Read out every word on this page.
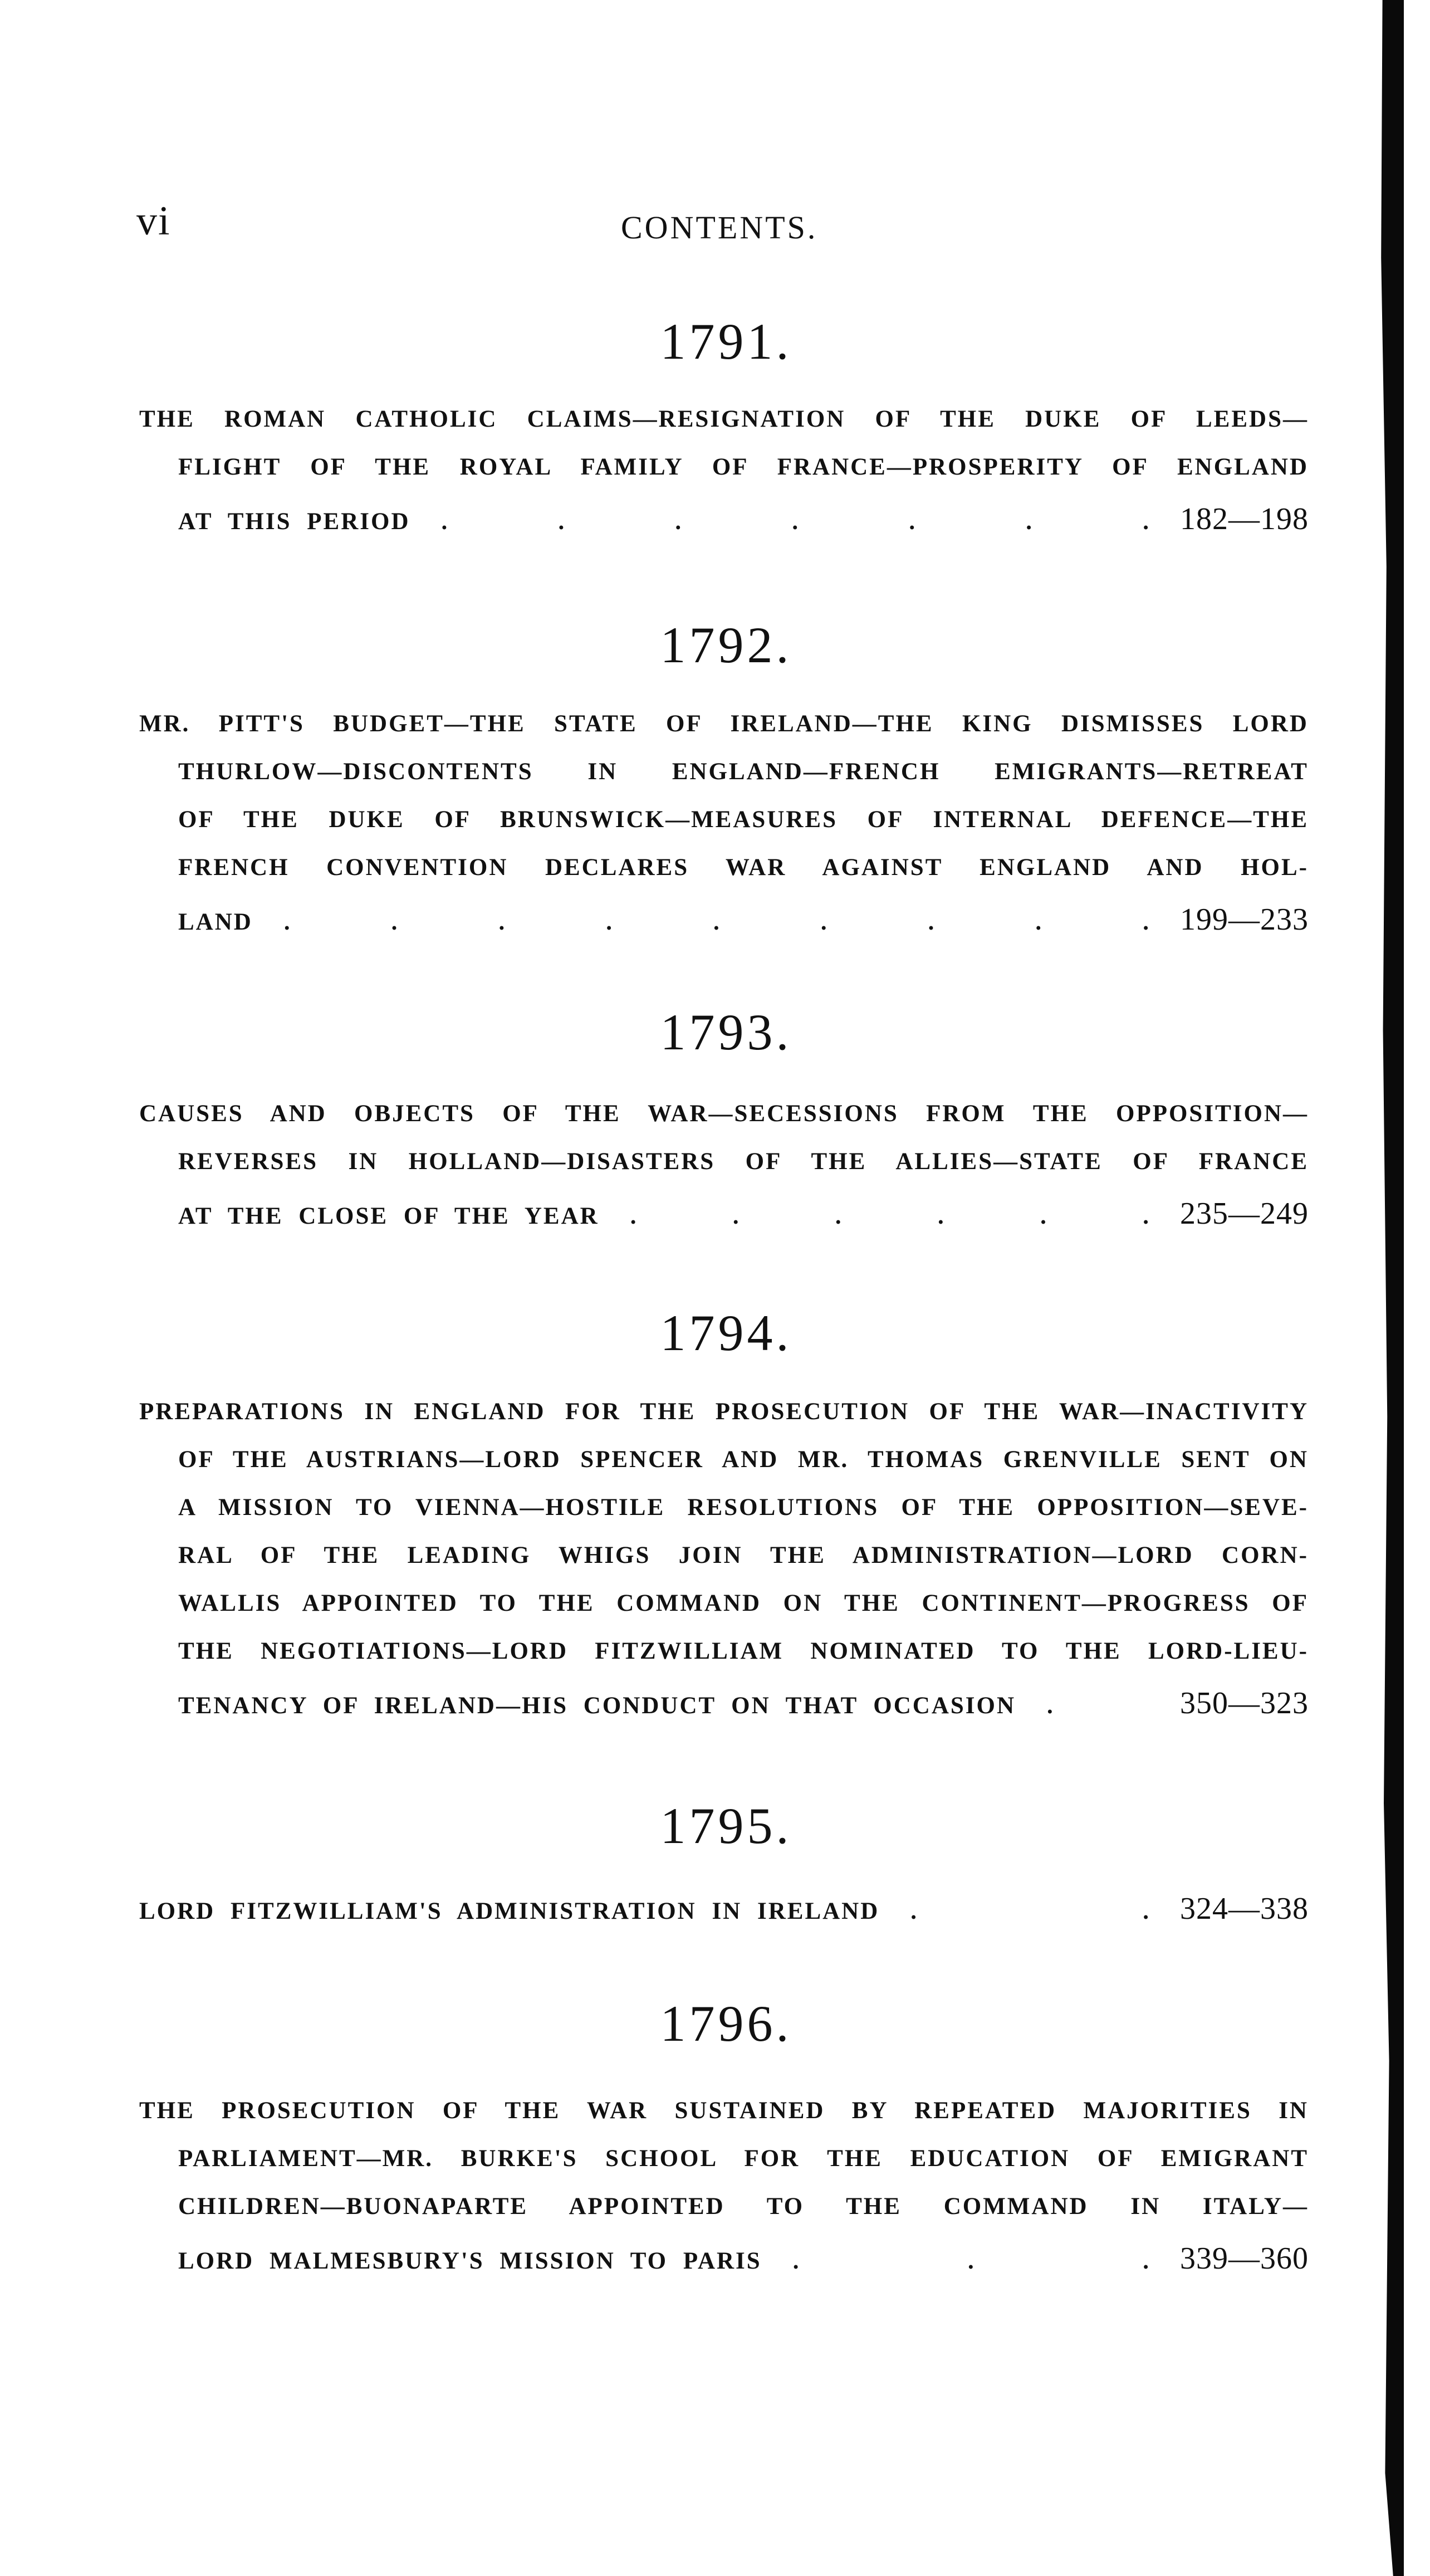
vi	CONTENTS.
1791.
THE ROMAN CATHOLIC CLAIMS—RESIGNATION OF THE DUKE OF LEEDS—
FLIGHT OF THE ROYAL FAMILY OF FRANCE—PROSPERITY OF ENGLAND
AT THIS PERIOD .	.	.	.	.	.	. 182—198
1792.
MR. PITT'S BUDGET—THE STATE OF IRELAND—THE KING DISMISSES LORD
THURLOW—DISCONTENTS IN ENGLAND—FRENCH EMIGRANTS—RETREAT
OF THE DUKE OF BRUNSWICK—MEASURES OF INTERNAL DEFENCE—THE
FRENCH CONVENTION DECLARES WAR AGAINST ENGLAND AND HOL-
LAND .	.	.	.	.	.	.	.	. 199—233
1793.
CAUSES AND OBJECTS OF THE WAR—SECESSIONS FROM THE OPPOSITION—
REVERSES IN HOLLAND—DISASTERS OF THE ALLIES—STATE OF FRANCE
AT THE CLOSE OF THE YEAR .	.	.	.	.	. 235—249
1794.
PREPARATIONS IN ENGLAND FOR THE PROSECUTION OF THE WAR—INACTIVITY
OF THE AUSTRIANS—LORD SPENCER AND MR. THOMAS GRENVILLE SENT ON
A MISSION TO VIENNA—HOSTILE RESOLUTIONS OF THE OPPOSITION—SEVE-
RAL OF THE LEADING WHIGS JOIN THE ADMINISTRATION—LORD CORN-
WALLIS APPOINTED TO THE COMMAND ON THE CONTINENT—PROGRESS OF
THE NEGOTIATIONS—LORD FITZWILLIAM NOMINATED TO THE LORD-LIEU-
TENANCY OF IRELAND—HIS CONDUCT ON THAT OCCASION .	350—323
1795.
LORD FITZWILLIAM'S ADMINISTRATION IN IRELAND .	. 324—338
1796.
THE PROSECUTION OF THE WAR SUSTAINED BY REPEATED MAJORITIES IN
PARLIAMENT—MR. BURKE'S SCHOOL FOR THE EDUCATION OF EMIGRANT
CHILDREN—BUONAPARTE APPOINTED TO THE COMMAND IN ITALY—
LORD MALMESBURY'S MISSION TO PARIS .	.	. 339—360
